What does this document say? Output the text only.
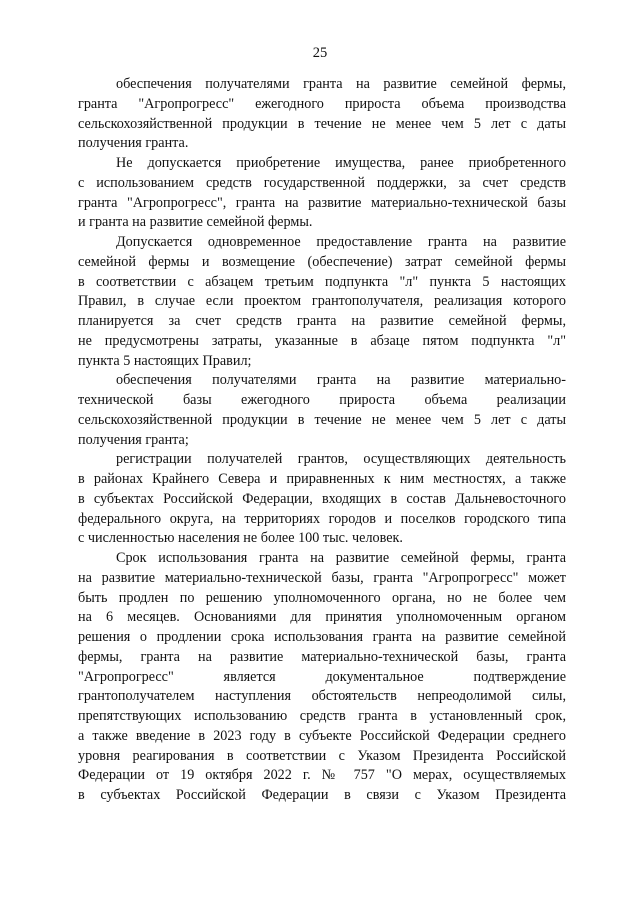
25
обеспечения получателями гранта на развитие семейной фермы,
гранта "Агропрогресс" ежегодного прироста объема производства
сельскохозяйственной продукции в течение не менее чем 5 лет с даты
получения гранта.
Не допускается приобретение имущества, ранее приобретенного
с использованием средств государственной поддержки, за счет средств
гранта "Агропрогресс", гранта на развитие материально-технической базы
и гранта на развитие семейной фермы.
Допускается одновременное предоставление гранта на развитие
семейной фермы и возмещение (обеспечение) затрат семейной фермы
в соответствии с абзацем третьим подпункта "л" пункта 5 настоящих
Правил, в случае если проектом грантополучателя, реализация которого
планируется за счет средств гранта на развитие семейной фермы,
не предусмотрены затраты, указанные в абзаце пятом подпункта "л"
пункта 5 настоящих Правил;
обеспечения получателями гранта на развитие материально-
технической базы ежегодного прироста объема реализации
сельскохозяйственной продукции в течение не менее чем 5 лет с даты
получения гранта;
регистрации получателей грантов, осуществляющих деятельность
в районах Крайнего Севера и приравненных к ним местностях, а также
в субъектах Российской Федерации, входящих в состав Дальневосточного
федерального округа, на территориях городов и поселков городского типа
с численностью населения не более 100 тыс. человек.
Срок использования гранта на развитие семейной фермы, гранта
на развитие материально-технической базы, гранта "Агропрогресс" может
быть продлен по решению уполномоченного органа, но не более чем
на 6 месяцев. Основаниями для принятия уполномоченным органом
решения о продлении срока использования гранта на развитие семейной
фермы, гранта на развитие материально-технической базы, гранта
"Агропрогресс" является документальное подтверждение
грантополучателем наступления обстоятельств непреодолимой силы,
препятствующих использованию средств гранта в установленный срок,
а также введение в 2023 году в субъекте Российской Федерации среднего
уровня реагирования в соответствии с Указом Президента Российской
Федерации от 19 октября 2022 г. № 757 "О мерах, осуществляемых
в субъектах Российской Федерации в связи с Указом Президента
